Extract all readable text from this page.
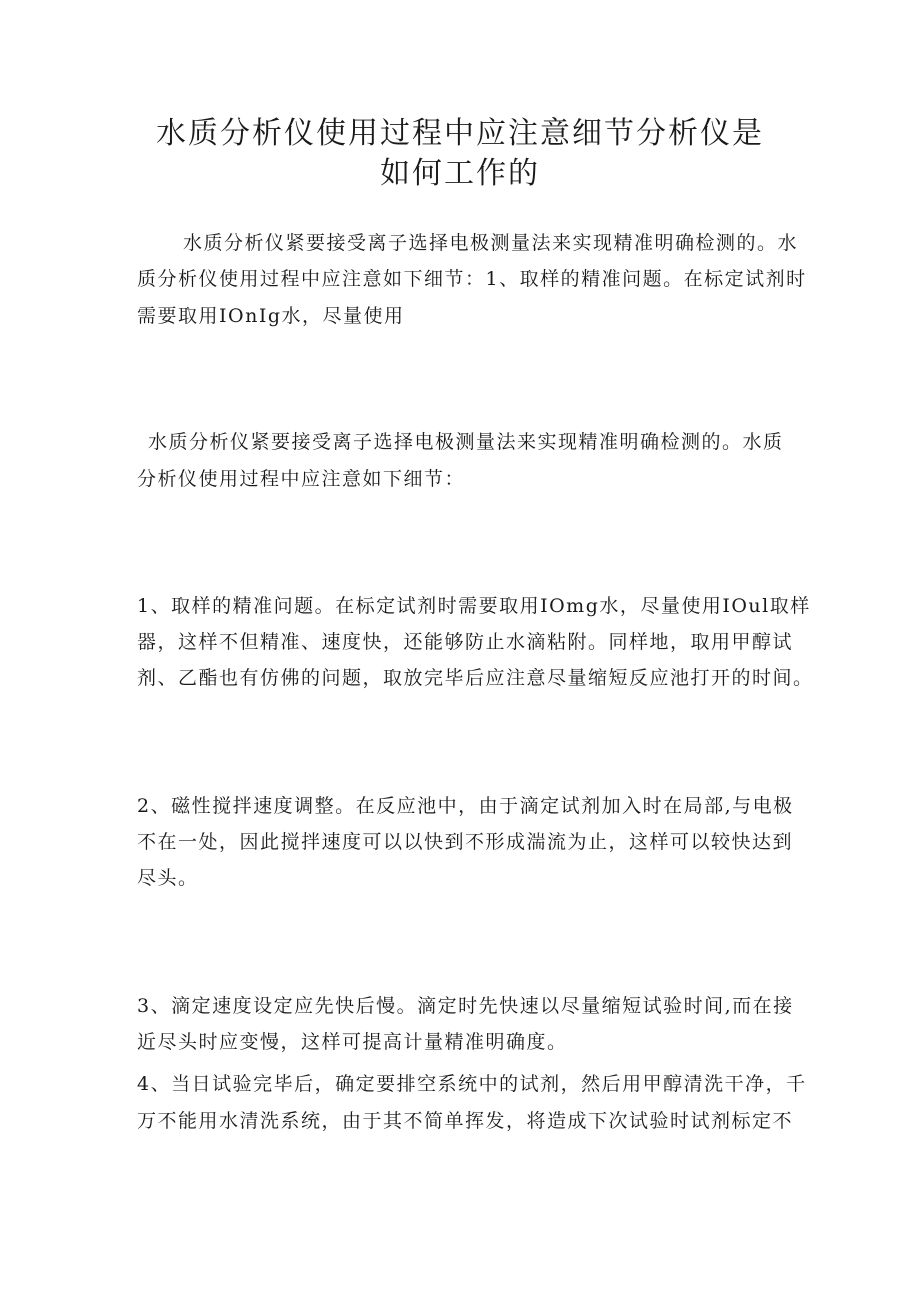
水质分析仪使用过程中应注意细节分析仪是
如何工作的
水质分析仪紧要接受离子选择电极测量法来实现精准明确检测的。水
质分析仪使用过程中应注意如下细节：1、取样的精准问题。在标定试剂时
需要取用IOnIg水，尽量使用
水质分析仪紧要接受离子选择电极测量法来实现精准明确检测的。水质
分析仪使用过程中应注意如下细节：
1、取样的精准问题。在标定试剂时需要取用IOmg水，尽量使用IOul取样
器，这样不但精准、速度快，还能够防止水滴粘附。同样地，取用甲醇试
剂、乙酯也有仿佛的问题，取放完毕后应注意尽量缩短反应池打开的时间。
2、磁性搅拌速度调整。在反应池中，由于滴定试剂加入时在局部,与电极
不在一处，因此搅拌速度可以以快到不形成湍流为止，这样可以较快达到
尽头。
3、滴定速度设定应先快后慢。滴定时先快速以尽量缩短试验时间,而在接
近尽头时应变慢，这样可提高计量精准明确度。
4、当日试验完毕后，确定要排空系统中的试剂，然后用甲醇清洗干净，千
万不能用水清洗系统，由于其不简单挥发，将造成下次试验时试剂标定不
